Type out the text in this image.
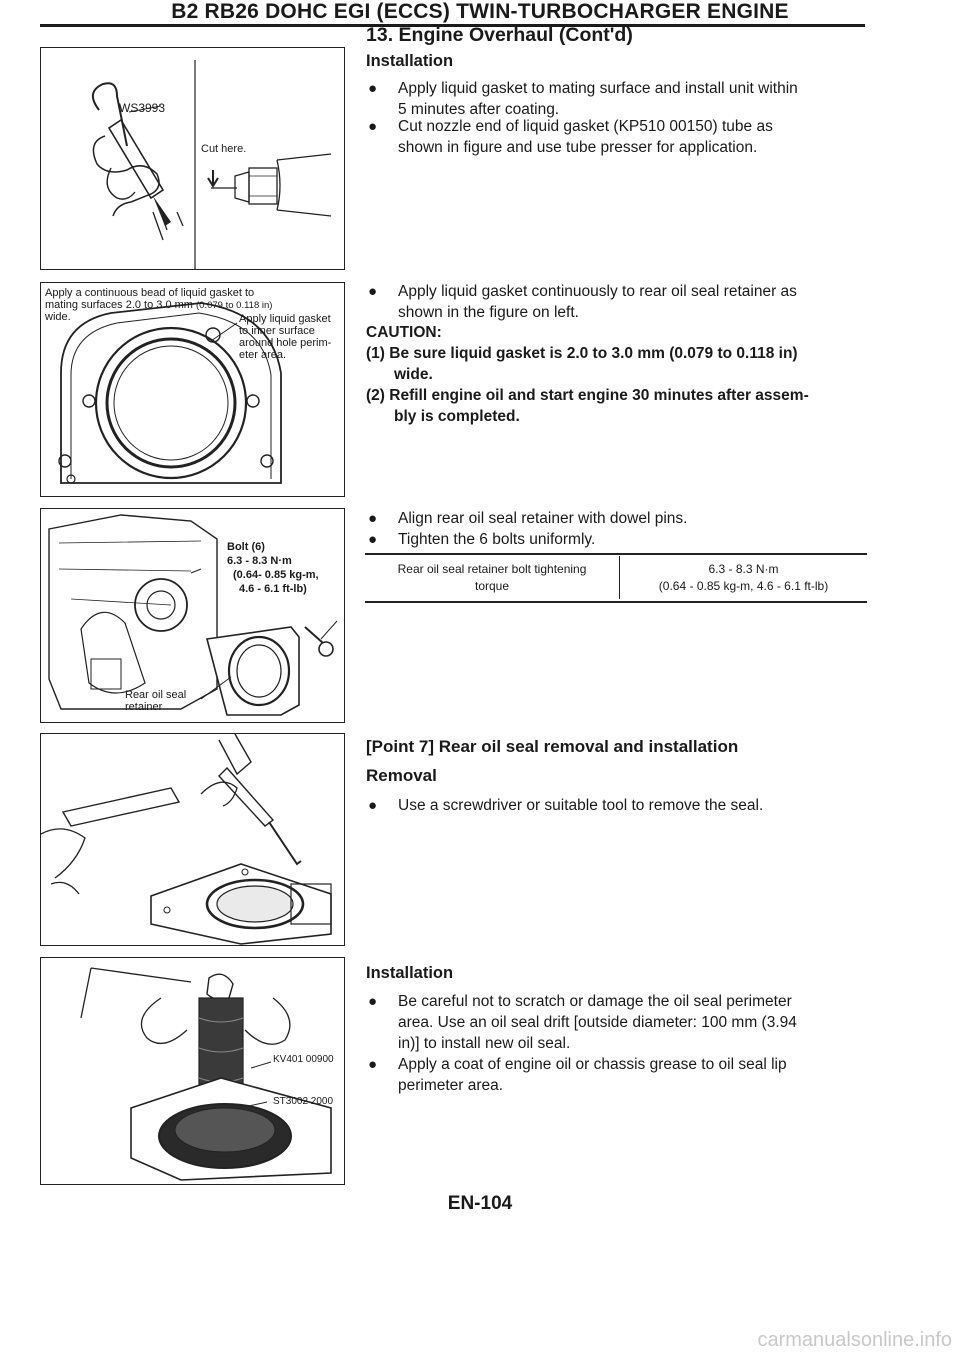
B2 RB26 DOHC EGI (ECCS) TWIN-TURBOCHARGER ENGINE
WS3993
Cut here.
Apply a continuous bead of liquid gasket to
mating surfaces 2.0 to 3.0 mm (0.079 to 0.118 in)
wide.	Apply liquid gasket
to inner surface
around hole perim-
eter area.
Bolt (6)
6.3 - 8.3 N·m
(0.64- 0.85 kg-m,
4.6 - 6.1 ft-lb)
Rear oil seal
retainer
KV401 00900
ST3002 2000
13. Engine Overhaul (Cont'd)
Installation
● Apply liquid gasket to mating surface and install unit within
5 minutes after coating.
● Cut nozzle end of liquid gasket (KP510 00150) tube as
shown in figure and use tube presser for application.
● Apply liquid gasket continuously to rear oil seal retainer as
shown in the figure on left.
CAUTION:
(1) Be sure liquid gasket is 2.0 to 3.0 mm (0.079 to 0.118 in)
wide.
(2) Refill engine oil and start engine 30 minutes after assem-
bly is completed.
● Align rear oil seal retainer with dowel pins.
● Tighten the 6 bolts uniformly.
Rear oil seal retainer bolt tightening
torque

6.3 - 8.3 N·m
(0.64 - 0.85 kg-m, 4.6 - 6.1 ft-lb)
[Point 7] Rear oil seal removal and installation
Removal
● Use a screwdriver or suitable tool to remove the seal.
Installation
● Be careful not to scratch or damage the oil seal perimeter
area. Use an oil seal drift [outside diameter: 100 mm (3.94
in)] to install new oil seal.
● Apply a coat of engine oil or chassis grease to oil seal lip
perimeter area.
EN-104
carmanualsonline.info
